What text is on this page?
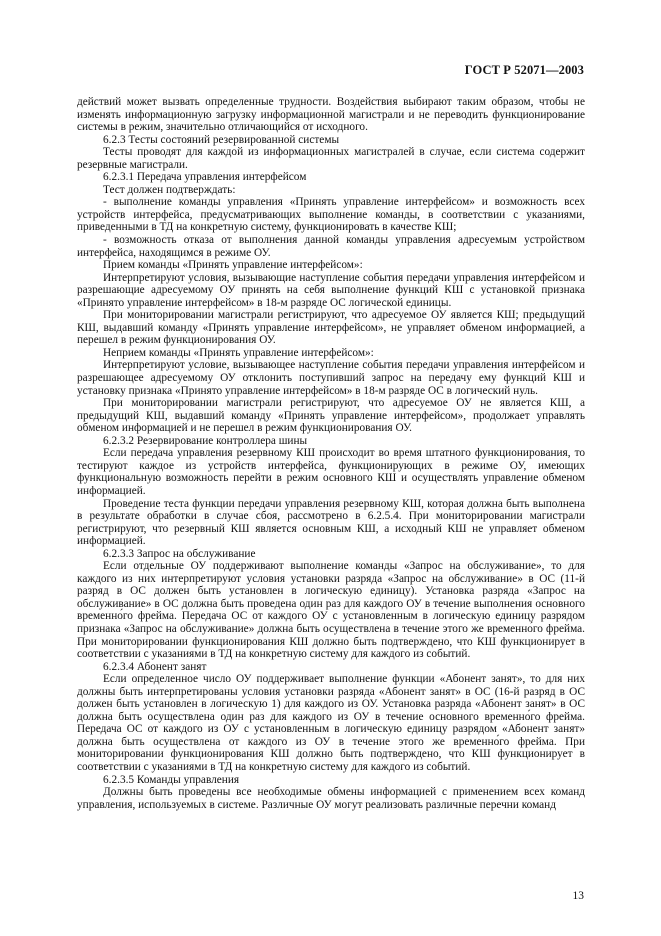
ГОСТ Р 52071—2003

действий может вызвать определенные трудности. Воздействия выбирают таким образом, чтобы не изменять информационную загрузку информационной магистрали и не переводить функционирование системы в режим, значительно отличающийся от исходного.

6.2.3 Тесты состояний резервированной системы

Тесты проводят для каждой из информационных магистралей в случае, если система содержит резервные магистрали.

6.2.3.1 Передача управления интерфейсом

Тест должен подтверждать:

- выполнение команды управления «Принять управление интерфейсом» и возможность всех устройств интерфейса, предусматривающих выполнение команды, в соответствии с указаниями, приведенными в ТД на конкретную систему, функционировать в качестве КШ;

- возможность отказа от выполнения данной команды управления адресуемым устройством интерфейса, находящимся в режиме ОУ.

Прием команды «Принять управление интерфейсом»:

Интерпретируют условия, вызывающие наступление события передачи управления интерфейсом и разрешающие адресуемому ОУ принять на себя выполнение функций КШ с установкой признака «Принято управление интерфейсом» в 18-м разряде ОС логической единицы.

При мониторировании магистрали регистрируют, что адресуемое ОУ является КШ; предыдущий КШ, выдавший команду «Принять управление интерфейсом», не управляет обменом информацией, а перешел в режим функционирования ОУ.

Неприем команды «Принять управление интерфейсом»:

Интерпретируют условие, вызывающее наступление события передачи управления интерфейсом и разрешающее адресуемому ОУ отклонить поступивший запрос на передачу ему функций КШ и установку признака «Принято управление интерфейсом» в 18-м разряде ОС в логический нуль.

При мониторировании магистрали регистрируют, что адресуемое ОУ не является КШ, а предыдущий КШ, выдавший команду «Принять управление интерфейсом», продолжает управлять обменом информацией и не перешел в режим функционирования ОУ.

6.2.3.2 Резервирование контроллера шины

Если передача управления резервному КШ происходит во время штатного функционирования, то тестируют каждое из устройств интерфейса, функционирующих в режиме ОУ, имеющих функциональную возможность перейти в режим основного КШ и осуществлять управление обменом информацией.

Проведение теста функции передачи управления резервному КШ, которая должна быть выполнена в результате обработки в случае сбоя, рассмотрено в 6.2.5.4. При мониторировании магистрали регистрируют, что резервный КШ является основным КШ, а исходный КШ не управляет обменом информацией.

6.2.3.3 Запрос на обслуживание

Если отдельные ОУ поддерживают выполнение команды «Запрос на обслуживание», то для каждого из них интерпретируют условия установки разряда «Запрос на обслуживание» в ОС (11-й разряд в ОС должен быть установлен в логическую единицу). Установка разряда «Запрос на обслуживание» в ОС должна быть проведена один раз для каждого ОУ в течение выполнения основного временно́го фрейма. Передача ОС от каждого ОУ с установленным в логическую единицу разрядом признака «Запрос на обслуживание» должна быть осуществлена в течение этого же временно́го фрейма. При мониторировании функционирования КШ должно быть подтверждено, что КШ функционирует в соответствии с указаниями в ТД на конкретную систему для каждого из событий.

6.2.3.4 Абонент занят

Если определенное число ОУ поддерживает выполнение функции «Абонент занят», то для них должны быть интерпретированы условия установки разряда «Абонент занят» в ОС (16-й разряд в ОС должен быть установлен в логическую 1) для каждого из ОУ. Установка разряда «Абонент занят» в ОС должна быть осуществлена один раз для каждого из ОУ в течение основного временно́го фрейма. Передача ОС от каждого из ОУ с установленным в логическую единицу разрядом «Абонент занят» должна быть осуществлена от каждого из ОУ в течение этого же временно́го фрейма. При мониторировании функционирования КШ должно быть подтверждено, что КШ функционирует в соответствии с указаниями в ТД на конкретную систему для каждого из событий.

6.2.3.5 Команды управления

Должны быть проведены все необходимые обмены информацией с применением всех команд управления, используемых в системе. Различные ОУ могут реализовать различные перечни команд

13
